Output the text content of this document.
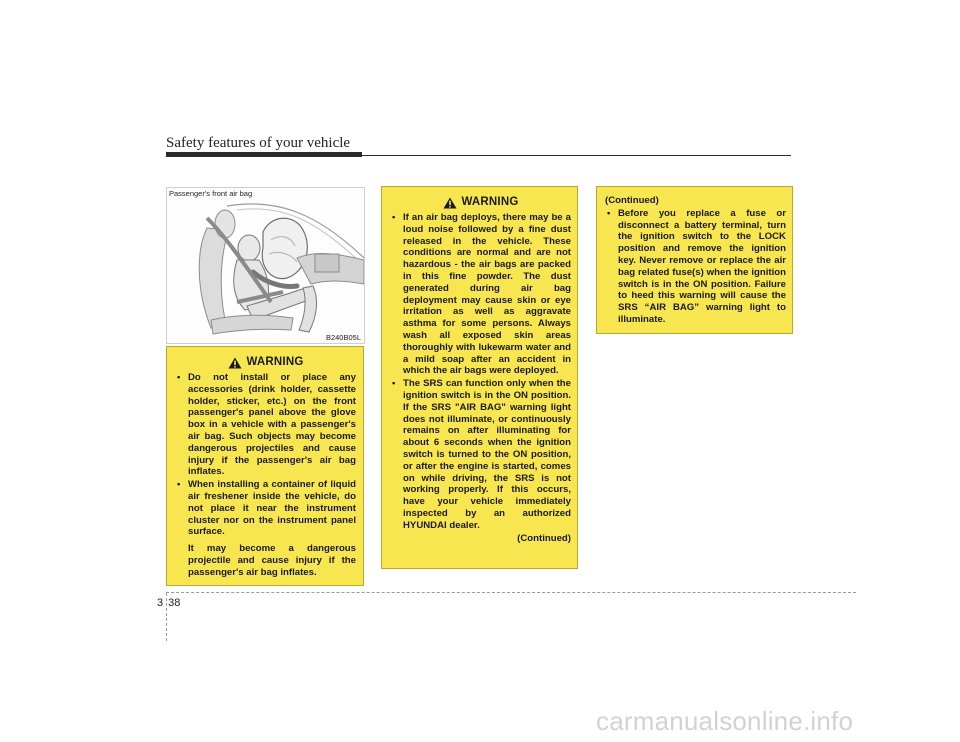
Safety features of your vehicle
Passenger's front air bag
B240B05L
WARNING
• Do not install or place any accessories (drink holder, cassette holder, sticker, etc.) on the front passenger's panel above the glove box in a vehicle with a passenger's air bag. Such objects may become dangerous projectiles and cause injury if the passenger's air bag inflates.
• When installing a container of liquid air freshener inside the vehicle, do not place it near the instrument cluster nor on the instrument panel surface.
It may become a dangerous projectile and cause injury if the passenger's air bag inflates.
WARNING
• If an air bag deploys, there may be a loud noise followed by a fine dust released in the vehicle. These conditions are normal and are not hazardous - the air bags are packed in this fine powder. The dust generated during air bag deployment may cause skin or eye irritation as well as aggravate asthma for some persons. Always wash all exposed skin areas thoroughly with lukewarm water and a mild soap after an accident in which the air bags were deployed.
• The SRS can function only when the ignition switch is in the ON position. If the SRS "AIR BAG" warning light does not illuminate, or continuously remains on after illuminating for about 6 seconds when the ignition switch is turned to the ON position, or after the engine is started, comes on while driving, the SRS is not working properly. If this occurs, have your vehicle immediately inspected by an authorized HYUNDAI dealer.
(Continued)
(Continued)
• Before you replace a fuse or disconnect a battery terminal, turn the ignition switch to the LOCK position and remove the ignition key. Never remove or replace the air bag related fuse(s) when the ignition switch is in the ON position. Failure to heed this warning will cause the SRS “AIR BAG” warning light to illuminate.
3 38
carmanualsonline.info
